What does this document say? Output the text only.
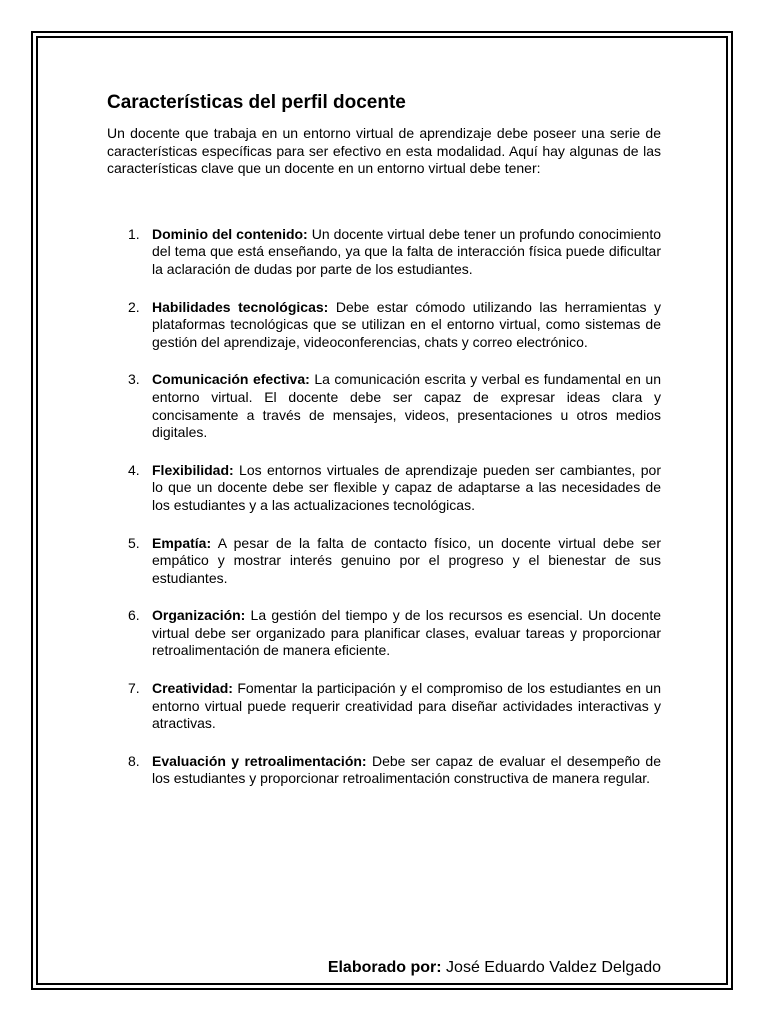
Características del perfil docente

Un docente que trabaja en un entorno virtual de aprendizaje debe poseer una serie de características específicas para ser efectivo en esta modalidad. Aquí hay algunas de las características clave que un docente en un entorno virtual debe tener:

1. Dominio del contenido: Un docente virtual debe tener un profundo conocimiento del tema que está enseñando, ya que la falta de interacción física puede dificultar la aclaración de dudas por parte de los estudiantes.
2. Habilidades tecnológicas: Debe estar cómodo utilizando las herramientas y plataformas tecnológicas que se utilizan en el entorno virtual, como sistemas de gestión del aprendizaje, videoconferencias, chats y correo electrónico.
3. Comunicación efectiva: La comunicación escrita y verbal es fundamental en un entorno virtual. El docente debe ser capaz de expresar ideas clara y concisamente a través de mensajes, videos, presentaciones u otros medios digitales.
4. Flexibilidad: Los entornos virtuales de aprendizaje pueden ser cambiantes, por lo que un docente debe ser flexible y capaz de adaptarse a las necesidades de los estudiantes y a las actualizaciones tecnológicas.
5. Empatía: A pesar de la falta de contacto físico, un docente virtual debe ser empático y mostrar interés genuino por el progreso y el bienestar de sus estudiantes.
6. Organización: La gestión del tiempo y de los recursos es esencial. Un docente virtual debe ser organizado para planificar clases, evaluar tareas y proporcionar retroalimentación de manera eficiente.
7. Creatividad: Fomentar la participación y el compromiso de los estudiantes en un entorno virtual puede requerir creatividad para diseñar actividades interactivas y atractivas.
8. Evaluación y retroalimentación: Debe ser capaz de evaluar el desempeño de los estudiantes y proporcionar retroalimentación constructiva de manera regular.
Elaborado por: José Eduardo Valdez Delgado
